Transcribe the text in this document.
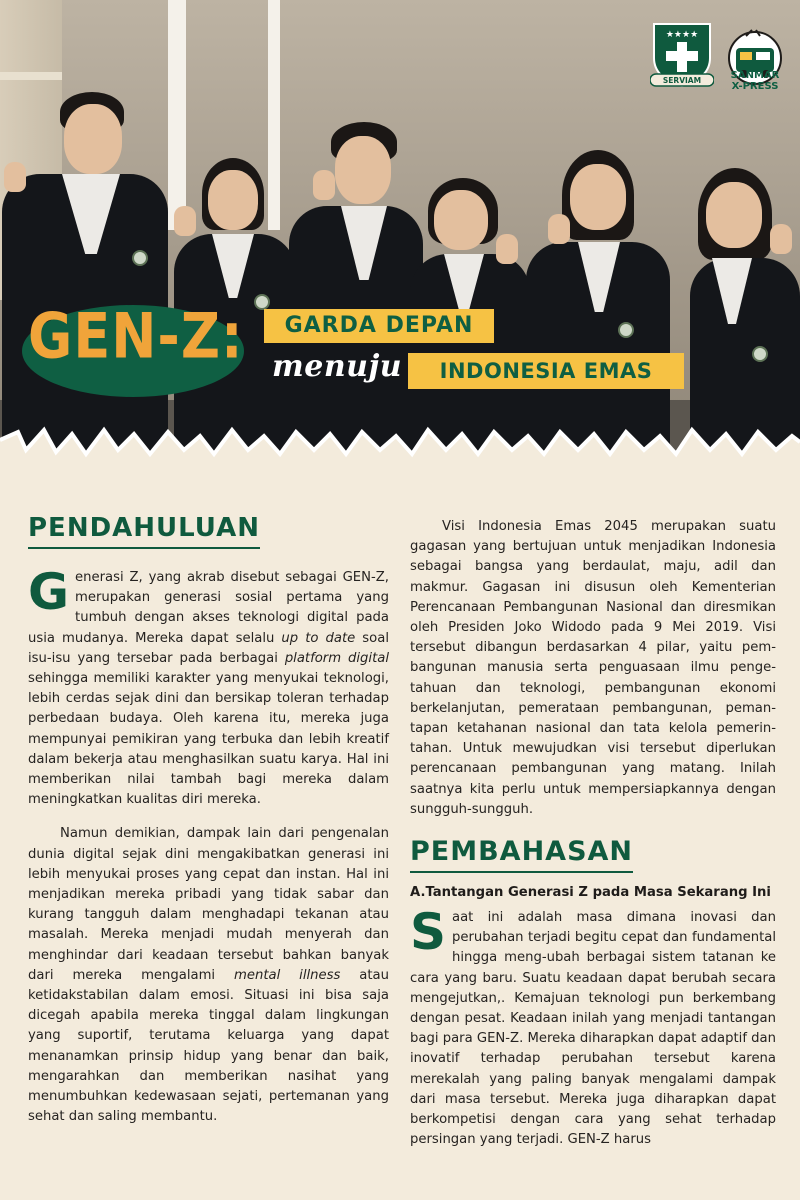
★★★★
SERVIAM	SANMAR
X-PRESS
GEN-Z:	GARDA DEPAN
menuju	INDONESIA EMAS
PENDAHULUAN

Generasi Z, yang akrab disebut sebagai GEN-Z, merupakan generasi sosial pertama yang tumbuh dengan akses teknologi digital pada usia mudanya. Mereka dapat selalu up to date soal isu-isu yang tersebar pada berbagai platform digital sehingga memiliki karakter yang menyukai teknologi, lebih cerdas sejak dini dan bersikap toleran terhadap perbedaan budaya. Oleh karena itu, mereka juga mempunyai pemikiran yang terbuka dan lebih kreatif dalam bekerja atau menghasilkan suatu karya. Hal ini memberikan nilai tambah bagi mereka dalam meningkatkan kualitas diri mereka.

Namun demikian, dampak lain dari pengenalan dunia digital sejak dini mengakibatkan generasi ini lebih menyukai proses yang cepat dan instan. Hal ini menjadikan mereka pribadi yang tidak sabar dan kurang tangguh dalam menghadapi tekanan atau masalah. Mereka menjadi mudah menyerah dan menghindar dari keadaan tersebut bahkan banyak dari mereka mengalami mental illness atau ketidakstabilan dalam emosi. Situasi ini bisa saja dicegah apabila mereka tinggal dalam lingkungan yang suportif, terutama keluarga yang dapat menanamkan prinsip hidup yang benar dan baik, mengarahkan dan memberikan nasihat yang menumbuhkan kedewasaan sejati, pertemanan yang sehat dan saling membantu.

Visi Indonesia Emas 2045 merupakan suatu gagasan yang bertujuan untuk menjadikan Indonesia sebagai bangsa yang berdaulat, maju, adil dan makmur. Gagasan ini disusun oleh Kementerian Perencanaan Pembangunan Nasional dan diresmikan oleh Presiden Joko Widodo pada 9 Mei 2019. Visi tersebut dibangun berdasarkan 4 pilar, yaitu pem-bangunan manusia serta penguasaan ilmu penge-tahuan dan teknologi, pembangunan ekonomi berkelanjutan, pemerataan pembangunan, peman-tapan ketahanan nasional dan tata kelola pemerin-tahan. Untuk mewujudkan visi tersebut diperlukan perencanaan pembangunan yang matang. Inilah saatnya kita perlu untuk mempersiapkannya dengan sungguh-sungguh.

PEMBAHASAN
A.Tantangan Generasi Z pada Masa Sekarang Ini

Saat ini adalah masa dimana inovasi dan perubahan terjadi begitu cepat dan fundamental hingga meng-ubah berbagai sistem tatanan ke cara yang baru. Suatu keadaan dapat berubah secara mengejutkan,. Kemajuan teknologi pun berkembang dengan pesat. Keadaan inilah yang menjadi tantangan bagi para GEN-Z. Mereka diharapkan dapat adaptif dan inovatif terhadap perubahan tersebut karena merekalah yang paling banyak mengalami dampak dari masa tersebut. Mereka juga diharapkan dapat berkompetisi dengan cara yang sehat terhadap persingan yang terjadi. GEN-Z harus
